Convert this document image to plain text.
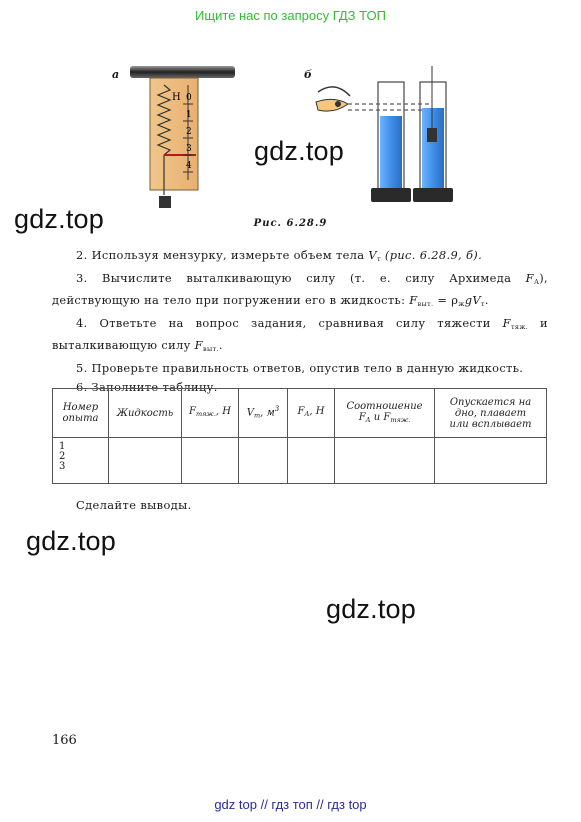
Ищите нас по запросу ГДЗ ТОП
а	б
Н 0
1
2
3
4
Рис. 6.28.9
gdz.top
gdz.top

2. Используя мензурку, измерьте объем тела $V_т$ (рис. 6.28.9, б).

3. Вычислите выталкивающую силу (т. е. силу Архимеда $F_А$), действующую на тело при погружении его в жидкость: $F_{выт.} = \rho_жgV_т$.

4. Ответьте на вопрос задания, сравнивая силу тяжести $F_{тяж.}$ и выталкивающую силу $F_{выт.}$.

5. Проверьте правильность ответов, опустив тело в данную жидкость.

6. Заполните таблицу.

Номер опыта	Жидкость	$F_{тяж.}$, Н	$V_т$, $м^3$	$F_А$, Н	Соотношение
$F_А$ и $F_{тяж.}$	Опускается на дно, плавает или всплывает

1
2
3						

Сделайте выводы.
gdz.top
gdz.top
166
gdz top // гдз топ // гдз top
